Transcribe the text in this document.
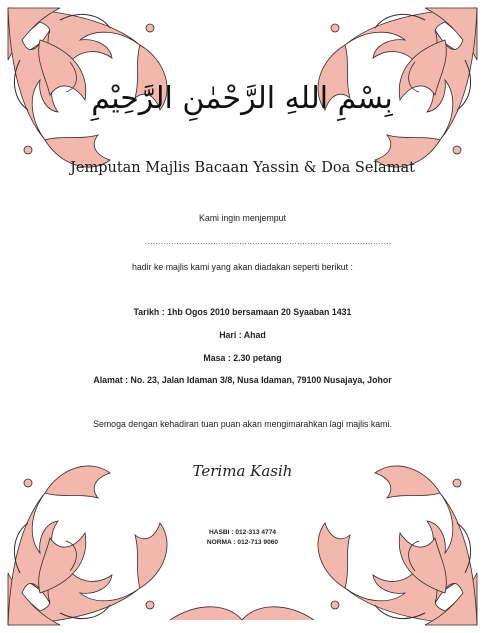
بِسْمِ اللهِ الرَّحْمٰنِ الرَّحِيْمِ
Jemputan Majlis Bacaan Yassin & Doa Selamat
Kami ingin menjemput
..............................................................................................
hadir ke majlis kami yang akan diadakan seperti berikut :
Tarikh : 1hb Ogos 2010 bersamaan 20 Syaaban 1431
Hari : Ahad
Masa : 2.30 petang
Alamat : No. 23, Jalan Idaman 3/8, Nusa Idaman, 79100 Nusajaya, Johor
Semoga dengan kehadiran tuan puan akan mengimarahkan lagi majlis kami.
Terima Kasih
HASBI : 012-313 4774
NORMA : 012-713 9060
